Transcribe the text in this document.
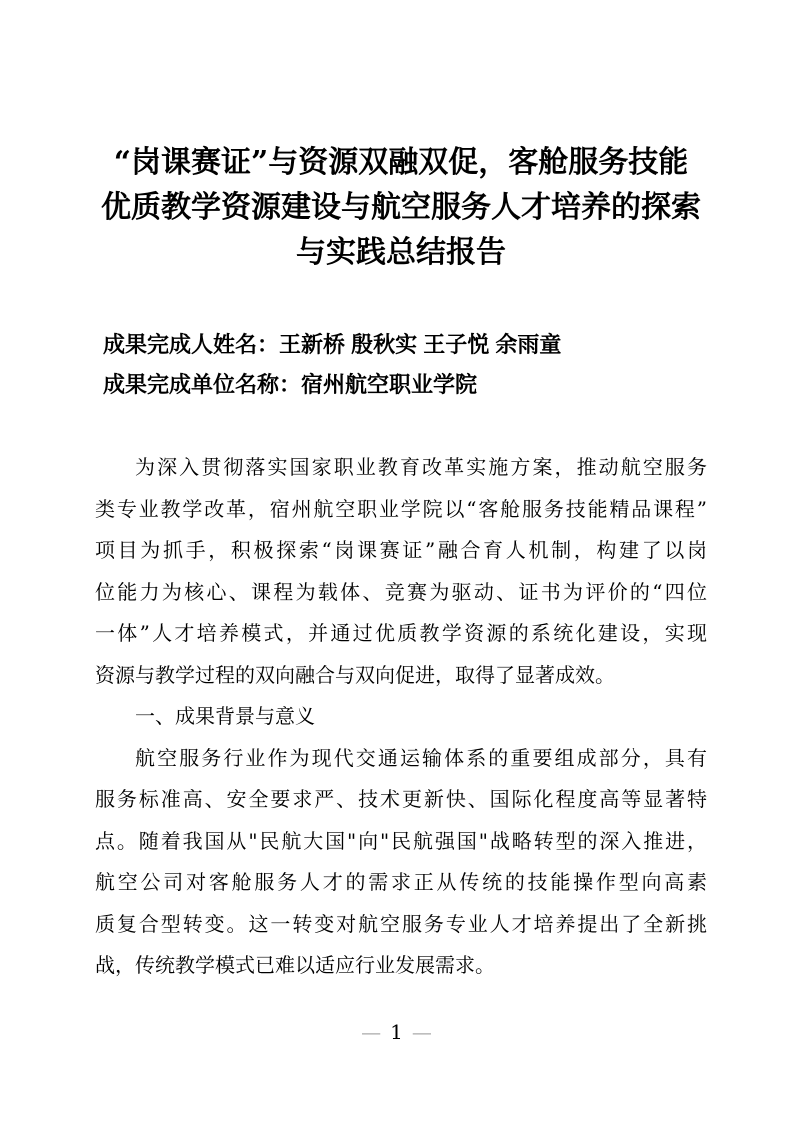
“岗课赛证”与资源双融双促，客舱服务技能
优质教学资源建设与航空服务人才培养的探索
与实践总结报告

成果完成人姓名：王新桥 殷秋实 王子悦 余雨童

成果完成单位名称：宿州航空职业学院

为深入贯彻落实国家职业教育改革实施方案，推动航空服务
类专业教学改革，宿州航空职业学院以“客舱服务技能精品课程”
项目为抓手，积极探索“岗课赛证”融合育人机制，构建了以岗
位能力为核心、课程为载体、竞赛为驱动、证书为评价的“四位
一体”人才培养模式，并通过优质教学资源的系统化建设，实现
资源与教学过程的双向融合与双向促进，取得了显著成效。
一、成果背景与意义
航空服务行业作为现代交通运输体系的重要组成部分，具有
服务标准高、安全要求严、技术更新快、国际化程度高等显著特
点。随着我国从"民航大国"向"民航强国"战略转型的深入推进，
航空公司对客舱服务人才的需求正从传统的技能操作型向高素
质复合型转变。这一转变对航空服务专业人才培养提出了全新挑
战，传统教学模式已难以适应行业发展需求。
— 1 —
